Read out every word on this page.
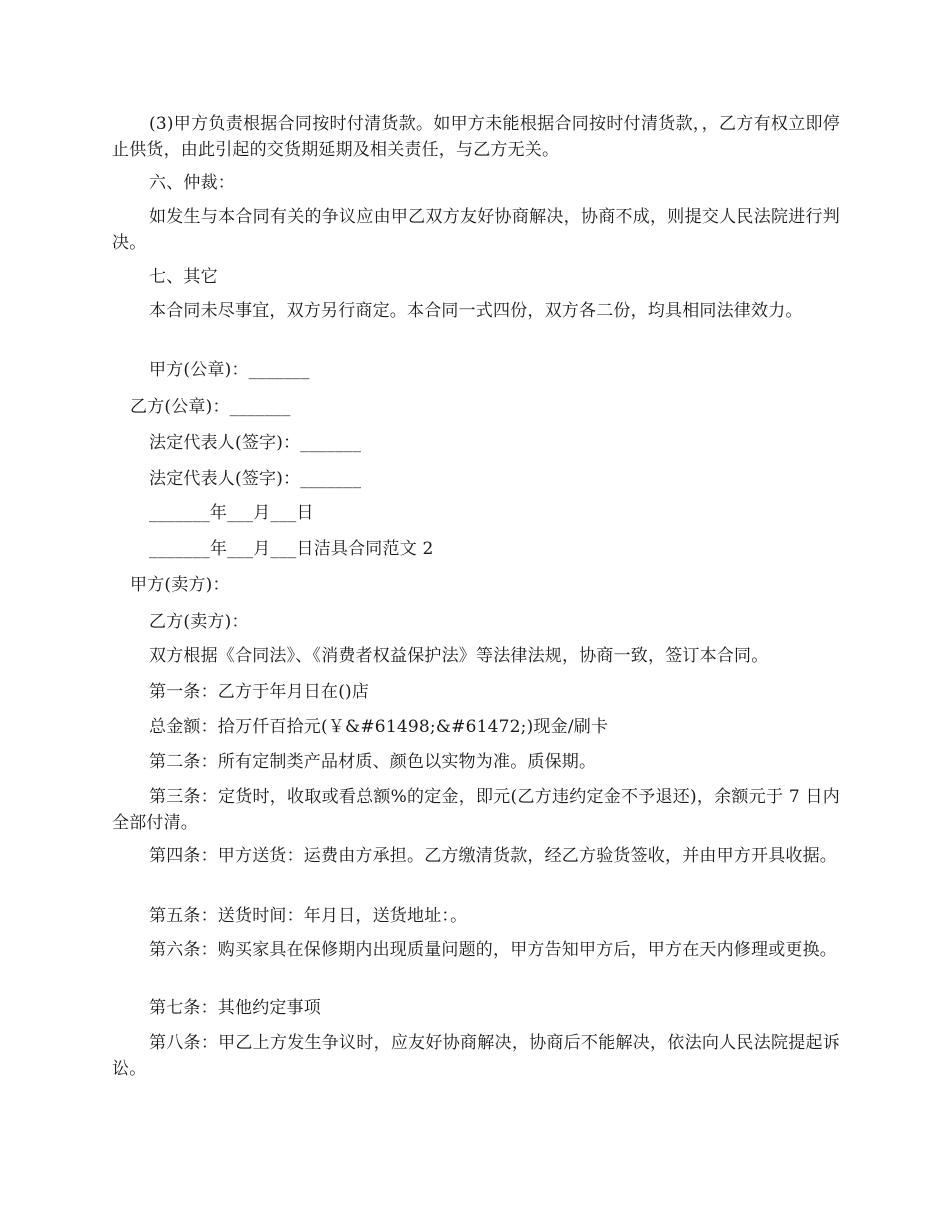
(3)甲方负责根据合同按时付清货款。如甲方未能根据合同按时付清货款，，乙方有权立即停止供货，由此引起的交货期延期及相关责任，与乙方无关。
六、仲裁：
如发生与本合同有关的争议应由甲乙双方友好协商解决，协商不成，则提交人民法院进行判决。
七、其它
本合同未尽事宜，双方另行商定。本合同一式四份，双方各二份，均具相同法律效力。
甲方(公章)：_______
乙方(公章)：_______
法定代表人(签字)：_______
法定代表人(签字)：_______
_______年___月___日
_______年___月___日洁具合同范文 2
甲方(卖方)：
乙方(卖方)：
双方根据《合同法》、《消费者权益保护法》等法律法规，协商一致，签订本合同。
第一条：乙方于年月日在()店
总金额：拾万仟百拾元(￥&#61498;&#61472;)现金/刷卡
第二条：所有定制类产品材质、颜色以实物为准。质保期。
第三条：定货时，收取或看总额%的定金，即元(乙方违约定金不予退还)，余额元于 7 日内全部付清。
第四条：甲方送货：运费由方承担。乙方缴清货款，经乙方验货签收，并由甲方开具收据。
第五条：送货时间：年月日，送货地址：。
第六条：购买家具在保修期内出现质量问题的，甲方告知甲方后，甲方在天内修理或更换。
第七条：其他约定事项
第八条：甲乙上方发生争议时，应友好协商解决，协商后不能解决，依法向人民法院提起诉讼。
